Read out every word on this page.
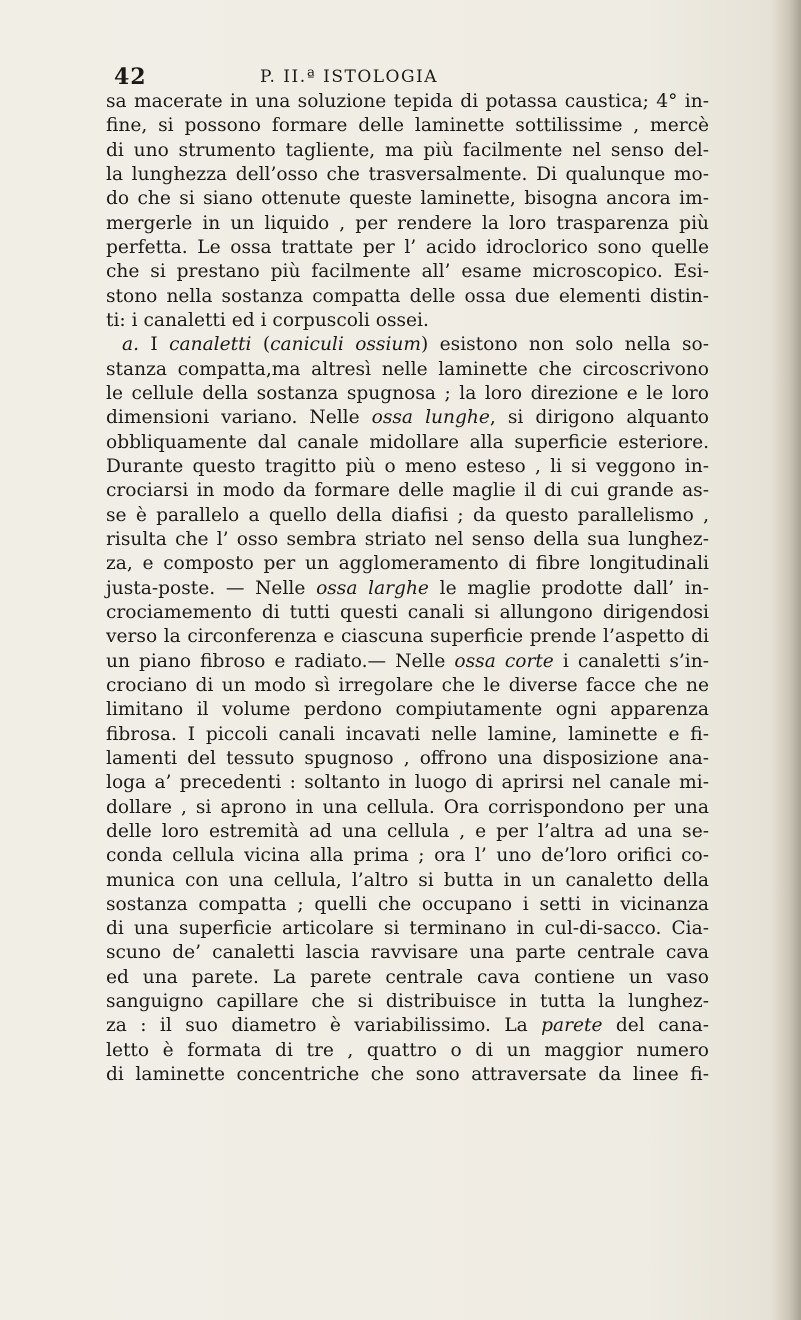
42	P. II.ª ISTOLOGIA
sa macerate in una soluzione tepida di potassa caustica; 4° in-
fine, si possono formare delle laminette sottilissime , mercè
di uno strumento tagliente, ma più facilmente nel senso del-
la lunghezza dell’osso che trasversalmente. Di qualunque mo-
do che si siano ottenute queste laminette, bisogna ancora im-
mergerle in un liquido , per rendere la loro trasparenza più
perfetta. Le ossa trattate per l’ acido idroclorico sono quelle
che si prestano più facilmente all’ esame microscopico. Esi-
stono nella sostanza compatta delle ossa due elementi distin-
ti: i canaletti ed i corpuscoli ossei.
a. I canaletti (caniculi ossium) esistono non solo nella so-
stanza compatta,ma altresì nelle laminette che circoscrivono
le cellule della sostanza spugnosa ; la loro direzione e le loro
dimensioni variano. Nelle ossa lunghe, si dirigono alquanto
obbliquamente dal canale midollare alla superficie esteriore.
Durante questo tragitto più o meno esteso , li si veggono in-
crociarsi in modo da formare delle maglie il di cui grande as-
se è parallelo a quello della diafisi ; da questo parallelismo ,
risulta che l’ osso sembra striato nel senso della sua lunghez-
za, e composto per un agglomeramento di fibre longitudinali
justa-poste. — Nelle ossa larghe le maglie prodotte dall’ in-
crociamemento di tutti questi canali si allungono dirigendosi
verso la circonferenza e ciascuna superficie prende l’aspetto di
un piano fibroso e radiato.— Nelle ossa corte i canaletti s’in-
crociano di un modo sì irregolare che le diverse facce che ne
limitano il volume perdono compiutamente ogni apparenza
fibrosa. I piccoli canali incavati nelle lamine, laminette e fi-
lamenti del tessuto spugnoso , offrono una disposizione ana-
loga a’ precedenti : soltanto in luogo di aprirsi nel canale mi-
dollare , si aprono in una cellula. Ora corrispondono per una
delle loro estremità ad una cellula , e per l’altra ad una se-
conda cellula vicina alla prima ; ora l’ uno de’loro orifici co-
munica con una cellula, l’altro si butta in un canaletto della
sostanza compatta ; quelli che occupano i setti in vicinanza
di una superficie articolare si terminano in cul-di-sacco. Cia-
scuno de’ canaletti lascia ravvisare una parte centrale cava
ed una parete. La parete centrale cava contiene un vaso
sanguigno capillare che si distribuisce in tutta la lunghez-
za : il suo diametro è variabilissimo. La parete del cana-
letto è formata di tre , quattro o di un maggior numero
di laminette concentriche che sono attraversate da linee fi-
